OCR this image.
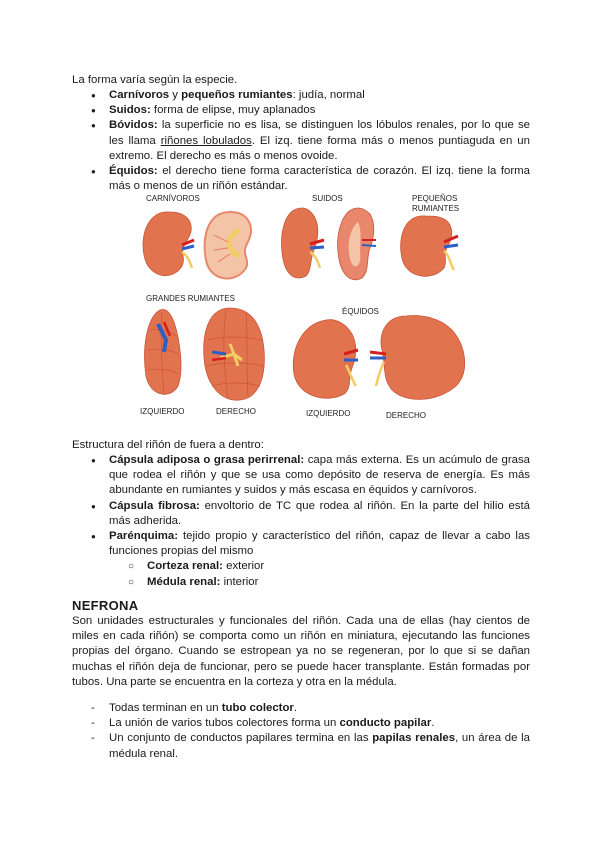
La forma varía según la especie.

● Carnívoros y pequeños rumiantes: judía, normal
● Suidos: forma de elipse, muy aplanados
● Bóvidos: la superficie no es lisa, se distinguen los lóbulos renales, por lo que se les llama riñones lobulados. El izq. tiene forma más o menos puntiaguda en un extremo. El derecho es más o menos ovoide.
● Équidos: el derecho tiene forma característica de corazón. El izq. tiene la forma más o menos de un riñón estándar.
CARNÍVOROS	SUIDOS	PEQUEÑOS
RUMIANTES
GRANDES RUMIANTES
IZQUIERDO	DERECHO
ÉQUIDOS
IZQUIERDO	DERECHO

Estructura del riñón de fuera a dentro:

● Cápsula adiposa o grasa perirrenal: capa más externa. Es un acúmulo de grasa que rodea el riñón y que se usa como depósito de reserva de energía. Es más abundante en rumiantes y suidos y más escasa en équidos y carnívoros.
● Cápsula fibrosa: envoltorio de TC que rodea al riñón. En la parte del hilio está más adherida.
● Parénquima: tejido propio y característico del riñón, capaz de llevar a cabo las funciones propias del mismo
○ Corteza renal: exterior
○ Médula renal: interior

NEFRONA

Son unidades estructurales y funcionales del riñón. Cada una de ellas (hay cientos de miles en cada riñón) se comporta como un riñón en miniatura, ejecutando las funciones propias del órgano. Cuando se estropean ya no se regeneran, por lo que si se dañan muchas el riñón deja de funcionar, pero se puede hacer transplante. Están formadas por tubos. Una parte se encuentra en la corteza y otra en la médula.

- Todas terminan en un tubo colector.
- La unión de varios tubos colectores forma un conducto papilar.
- Un conjunto de conductos papilares termina en las papilas renales, un área de la médula renal.
